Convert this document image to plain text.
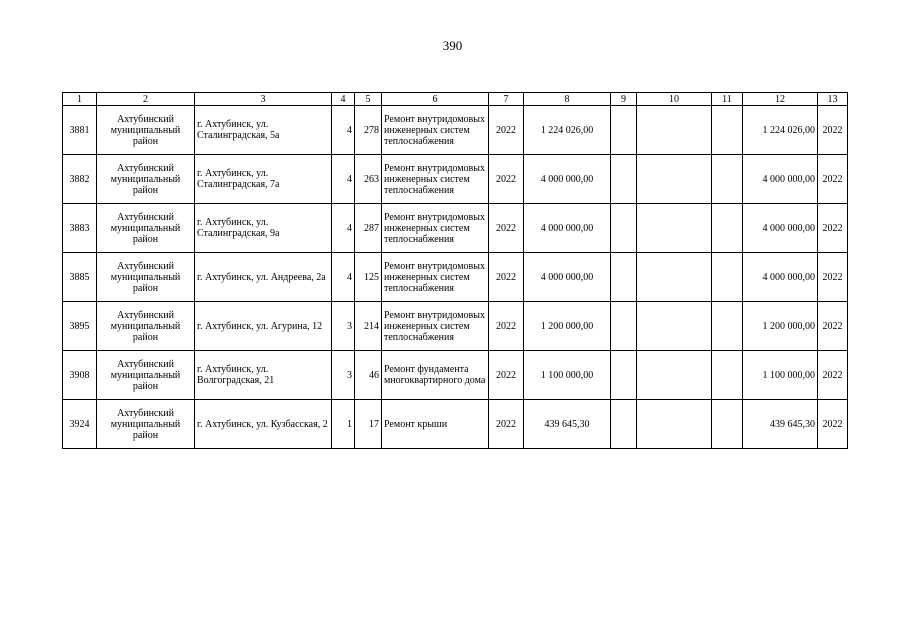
390
1	2	3	4	5	6	7	8	9	10	11	12	13
3881	Ахтубинский муниципальный район	г. Ахтубинск, ул. Сталинградская, 5а	4	278	Ремонт внутридомовых инженерных систем теплоснабжения	2022	1 224 026,00				1 224 026,00	2022
3882	Ахтубинский муниципальный район	г. Ахтубинск, ул. Сталинградская, 7а	4	263	Ремонт внутридомовых инженерных систем теплоснабжения	2022	4 000 000,00				4 000 000,00	2022
3883	Ахтубинский муниципальный район	г. Ахтубинск, ул. Сталинградская, 9а	4	287	Ремонт внутридомовых инженерных систем теплоснабжения	2022	4 000 000,00				4 000 000,00	2022
3885	Ахтубинский муниципальный район	г. Ахтубинск, ул. Андреева, 2а	4	125	Ремонт внутридомовых инженерных систем теплоснабжения	2022	4 000 000,00				4 000 000,00	2022
3895	Ахтубинский муниципальный район	г. Ахтубинск, ул. Агурина, 12	3	214	Ремонт внутридомовых инженерных систем теплоснабжения	2022	1 200 000,00				1 200 000,00	2022
3908	Ахтубинский муниципальный район	г. Ахтубинск, ул. Волгоградская, 21	3	46	Ремонт фундамента многоквартирного дома	2022	1 100 000,00				1 100 000,00	2022
3924	Ахтубинский муниципальный район	г. Ахтубинск, ул. Кузбасская, 2	1	17	Ремонт крыши	2022	439 645,30				439 645,30	2022
